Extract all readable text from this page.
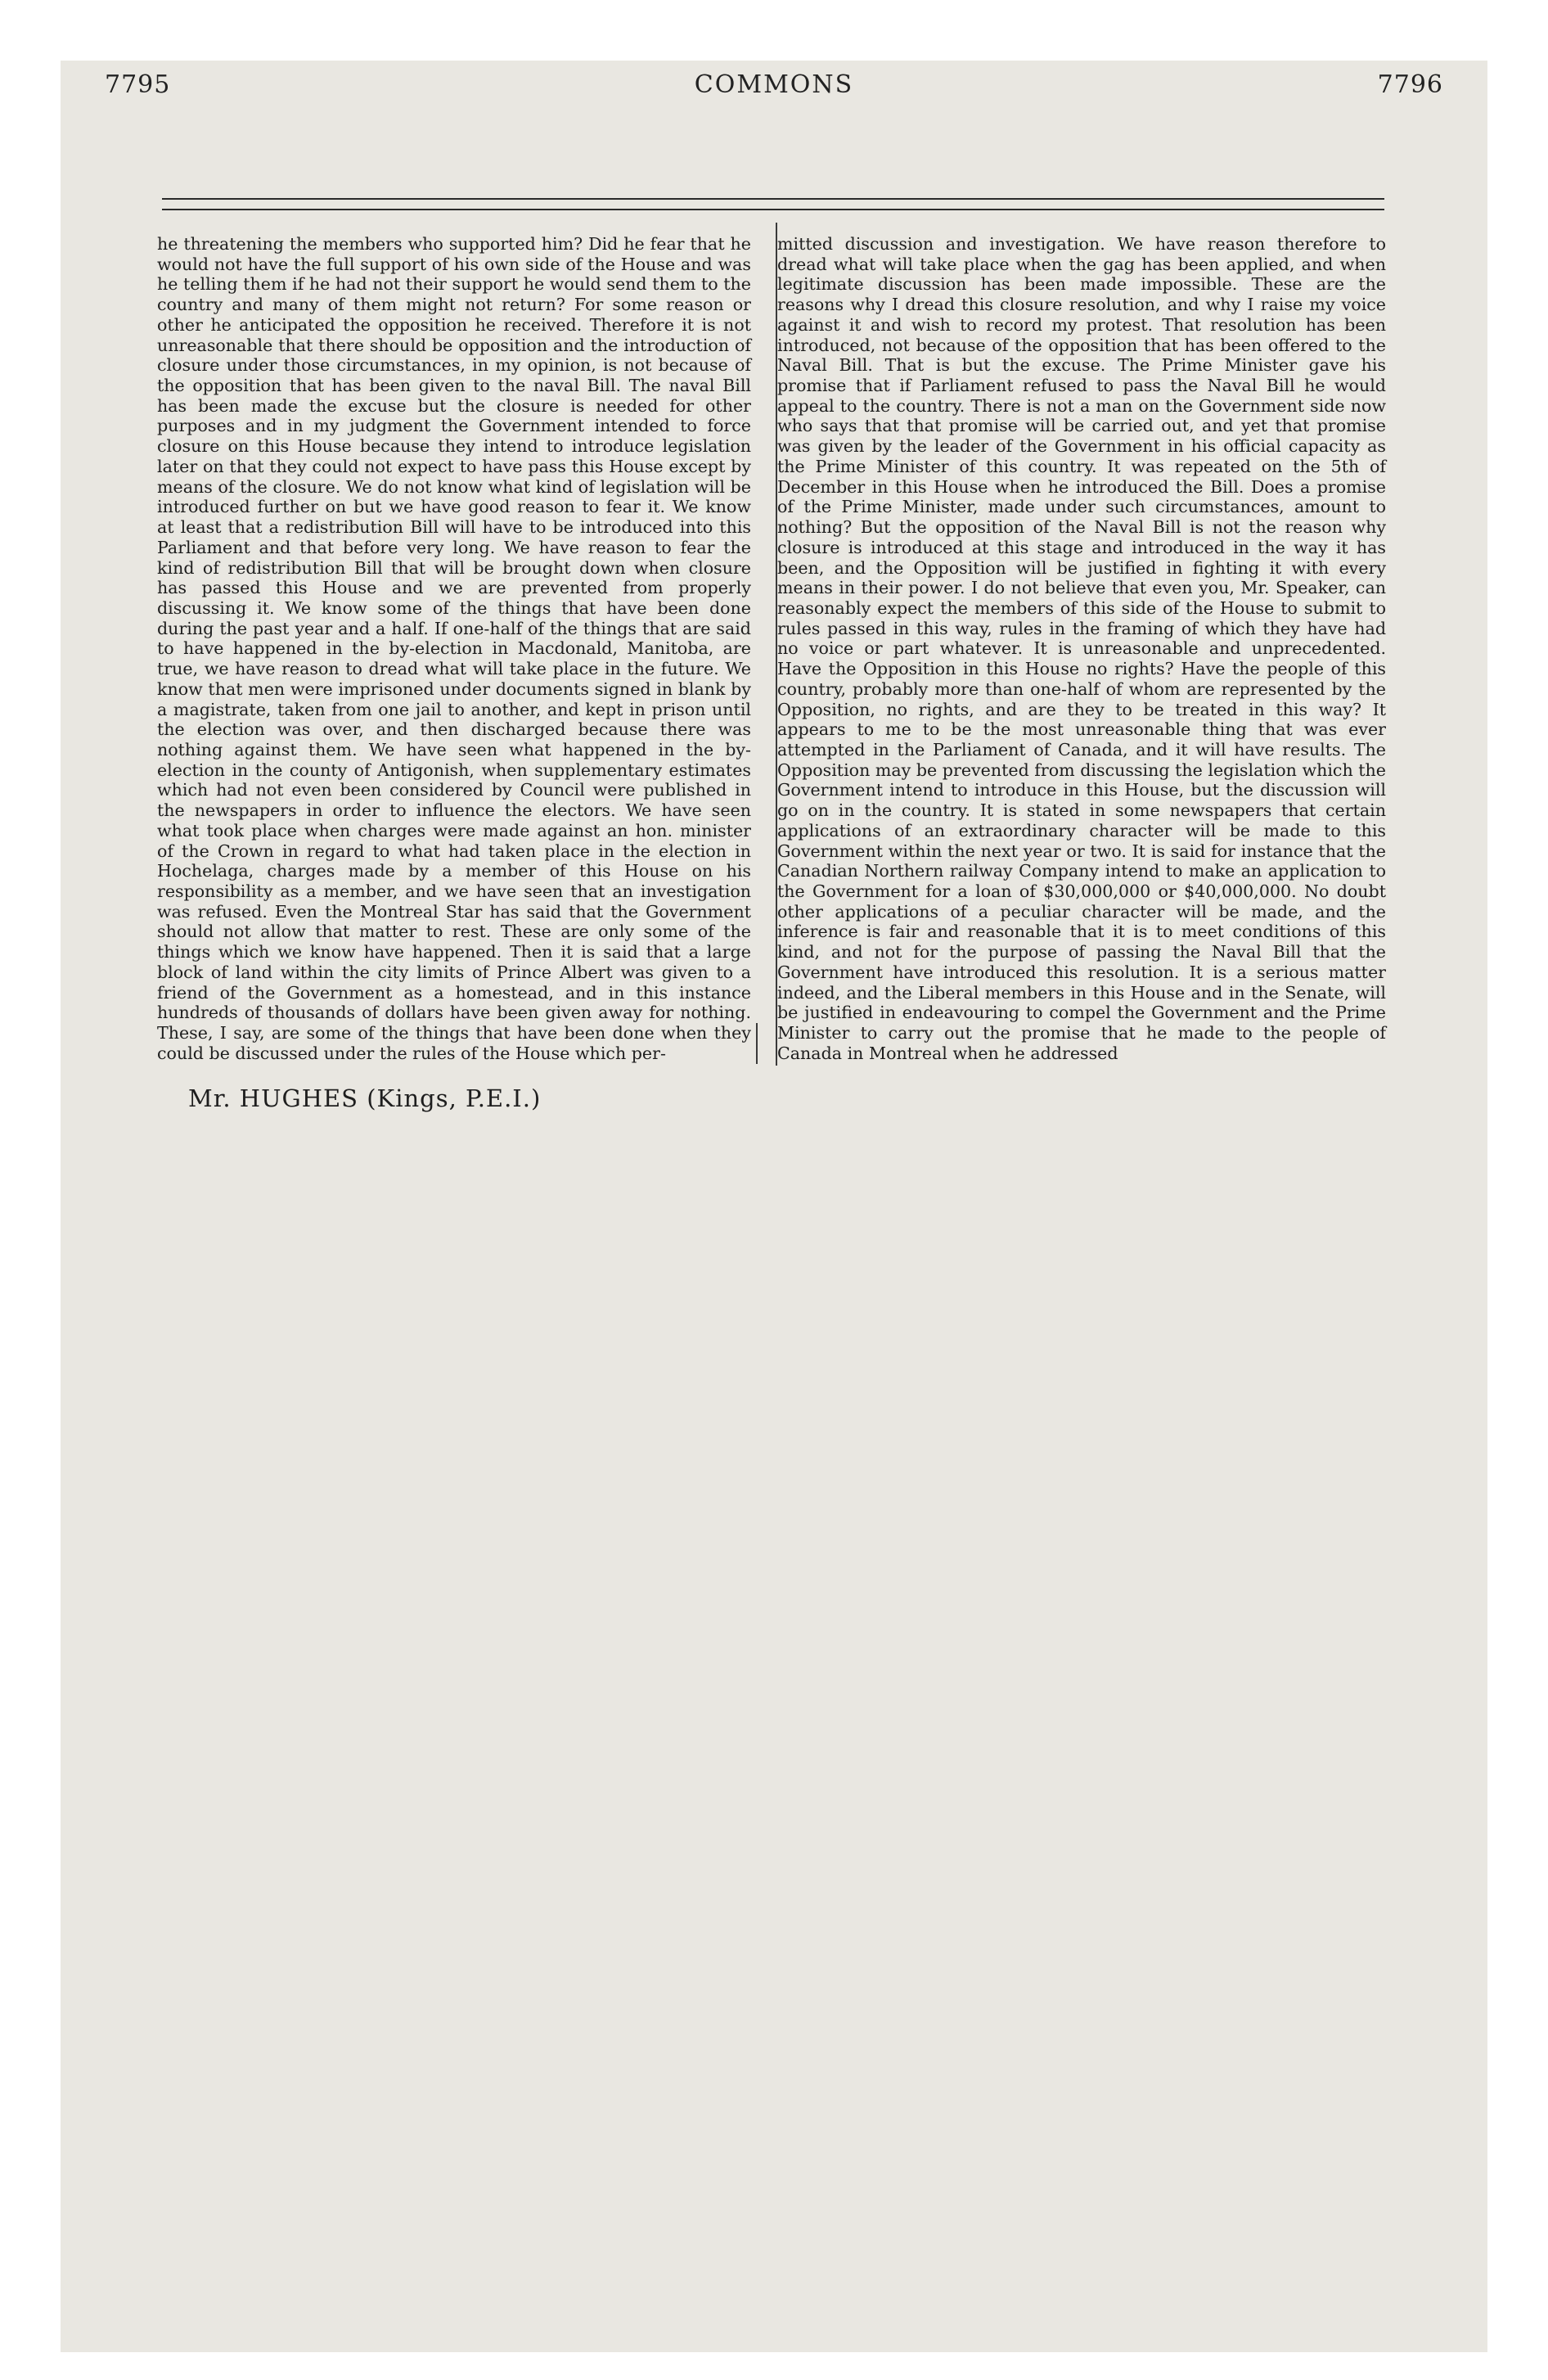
7795	COMMONS	7796

he threatening the members who supported him? Did he fear that he would not have the full support of his own side of the House and was he telling them if he had not their support he would send them to the country and many of them might not return? For some reason or other he anticipated the opposition he received. Therefore it is not unreasonable that there should be opposition and the introduction of closure under those circumstances, in my opinion, is not because of the opposition that has been given to the naval Bill. The naval Bill has been made the excuse but the closure is needed for other purposes and in my judgment the Government intended to force closure on this House because they intend to introduce legislation later on that they could not expect to have pass this House except by means of the closure. We do not know what kind of legislation will be introduced further on but we have good reason to fear it. We know at least that a redistribution Bill will have to be introduced into this Parliament and that before very long. We have reason to fear the kind of redistribution Bill that will be brought down when closure has passed this House and we are prevented from properly discussing it. We know some of the things that have been done during the past year and a half. If one-half of the things that are said to have happened in the by-election in Macdonald, Manitoba, are true, we have reason to dread what will take place in the future. We know that men were imprisoned under documents signed in blank by a magistrate, taken from one jail to another, and kept in prison until the election was over, and then discharged because there was nothing against them. We have seen what happened in the by-election in the county of Antigonish, when supplementary estimates which had not even been considered by Council were published in the newspapers in order to influence the electors. We have seen what took place when charges were made against an hon. minister of the Crown in regard to what had taken place in the election in Hochelaga, charges made by a member of this House on his responsibility as a member, and we have seen that an investigation was refused. Even the Montreal Star has said that the Government should not allow that matter to rest. These are only some of the things which we know have happened. Then it is said that a large block of land within the city limits of Prince Albert was given to a friend of the Government as a homestead, and in this instance hundreds of thousands of dollars have been given away for nothing. These, I say, are some of the things that have been done when they could be discussed under the rules of the House which per-

mitted discussion and investigation. We have reason therefore to dread what will take place when the gag has been applied, and when legitimate discussion has been made impossible. These are the reasons why I dread this closure resolution, and why I raise my voice against it and wish to record my protest. That resolution has been introduced, not because of the opposition that has been offered to the Naval Bill. That is but the excuse. The Prime Minister gave his promise that if Parliament refused to pass the Naval Bill he would appeal to the country. There is not a man on the Government side now who says that that promise will be carried out, and yet that promise was given by the leader of the Government in his official capacity as the Prime Minister of this country. It was repeated on the 5th of December in this House when he introduced the Bill. Does a promise of the Prime Minister, made under such circumstances, amount to nothing? But the opposition of the Naval Bill is not the reason why closure is introduced at this stage and introduced in the way it has been, and the Opposition will be justified in fighting it with every means in their power. I do not believe that even you, Mr. Speaker, can reasonably expect the members of this side of the House to submit to rules passed in this way, rules in the framing of which they have had no voice or part whatever. It is unreasonable and unprecedented. Have the Opposition in this House no rights? Have the people of this country, probably more than one-half of whom are represented by the Opposition, no rights, and are they to be treated in this way? It appears to me to be the most unreasonable thing that was ever attempted in the Parliament of Canada, and it will have results. The Opposition may be prevented from discussing the legislation which the Government intend to introduce in this House, but the discussion will go on in the country. It is stated in some newspapers that certain applications of an extraordinary character will be made to this Government within the next year or two. It is said for instance that the Canadian Northern railway Company intend to make an application to the Government for a loan of $30,000,000 or $40,000,000. No doubt other applications of a peculiar character will be made, and the inference is fair and reasonable that it is to meet conditions of this kind, and not for the purpose of passing the Naval Bill that the Government have introduced this resolution. It is a serious matter indeed, and the Liberal members in this House and in the Senate, will be justified in endeavouring to compel the Government and the Prime Minister to carry out the promise that he made to the people of Canada in Montreal when he addressed

Mr. HUGHES (Kings, P.E.I.)
